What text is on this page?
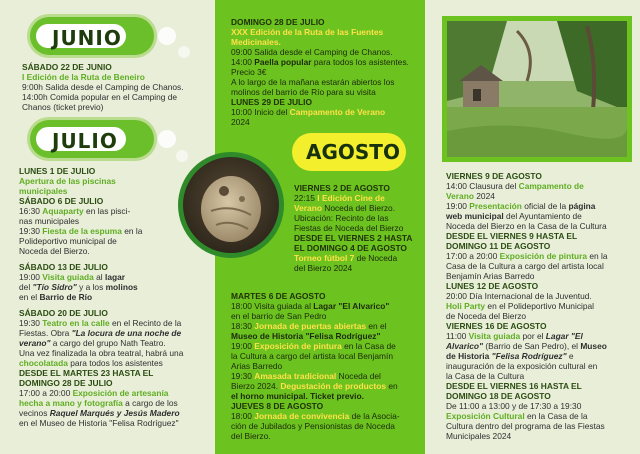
JUNIO
SÁBADO 22 DE JUNIO
I Edición de la Ruta de Beneiro
9:00h Salida desde el Camping de Chanos.
14:00h Comida popular en el Camping de
Chanos (ticket previo)
JULIO
LUNES 1 DE JULIO
Apertura de las piscinas
municipales
SÁBADO 6 DE JULIO
16:30 Aquaparty en las pisci-
nas municipales
19:30 Fiesta de la espuma en la
Polideportivo municipal de
Noceda del Bierzo.
SÁBADO 13 DE JULIO
19:00 Visita guiada al lagar
del "Tío Sidro" y a los molinos
en el Barrio de Río
SÁBADO 20 DE JULIO
19:30 Teatro en la calle en el Recinto de la
Fiestas. Obra "La locura de una noche de
verano" a cargo del grupo Nath Teatro.
Una vez finalizada la obra teatral, habrá una
chocolatada para todos los asistentes
DESDE EL MARTES 23 HASTA EL
DOMINGO 28 DE JULIO
17:00 a 20:00 Exposición de artesanía
hecha a mano y fotografía a cargo de los
vecinos Raquel Marqués y Jesús Madero
en el Museo de Historia "Felisa Rodríguez"
DOMINGO 28 DE JULIO
XXX Edición de la Ruta de las Fuentes
Medicinales.
09:00 Salida desde el Camping de Chanos.
14:00 Paella popular para todos los asistentes.
Precio 3€
A lo largo de la mañana estarán abiertos los
molinos del barrio de Río para su visita
LUNES 29 DE JULIO
10:00 Inicio del Campamento de Verano
2024
AGOSTO
VIERNES 2 DE AGOSTO
22:15 I Edición Cine de
Verano Noceda del Bierzo.
Ubicación: Recinto de las
Fiestas de Noceda del Bierzo
DESDE EL VIERNES 2 HASTA
EL DOMINGO 4 DE AGOSTO
Torneo fútbol 7 de Noceda
del Bierzo 2024
MARTES 6 DE AGOSTO
18:00 Visita guiada al Lagar "El Alvarico"
en el barrio de San Pedro
18:30 Jornada de puertas abiertas en el
Museo de Historia "Felisa Rodríguez"
19:00 Exposición de pintura en la Casa de
la Cultura a cargo del artista local Benjamín
Arias Barredo
19:30 Amasada tradicional Noceda del
Bierzo 2024. Degustación de productos en
el horno municipal. Ticket previo.
JUEVES 8 DE AGOSTO
18:00 Jornada de convivencia de la Asocia-
ción de Jubilados y Pensionistas de Noceda
del Bierzo.
VIERNES 9 DE AGOSTO
14:00 Clausura del Campamento de
Verano 2024
19:00 Presentación oficial de la página
web municipal del Ayuntamiento de
Noceda del Bierzo en la Casa de la Cultura
DESDE EL VIERNES 9 HASTA EL
DOMINGO 11 DE AGOSTO
17:00 a 20:00 Exposición de pintura en la
Casa de la Cultura a cargo del artista local
Benjamín Arias Barredo
LUNES 12 DE AGOSTO
20:00 Día Internacional de la Juventud.
Holi Party en el Polideportivo Municipal
de Noceda del Bierzo
VIERNES 16 DE AGOSTO
11:00 Visita guiada por el Lagar "El
Alvarico" (Barrio de San Pedro), el Museo
de Historia "Felisa Rodríguez" e
inauguración de la exposición cultural en
la Casa de la Cultura
DESDE EL VIERNES 16 HASTA EL
DOMINGO 18 DE AGOSTO
De 11:00 a 13:00 y de 17:30 a 19:30
Exposición Cultural en la Casa de la
Cultura dentro del programa de las Fiestas
Municipales 2024
